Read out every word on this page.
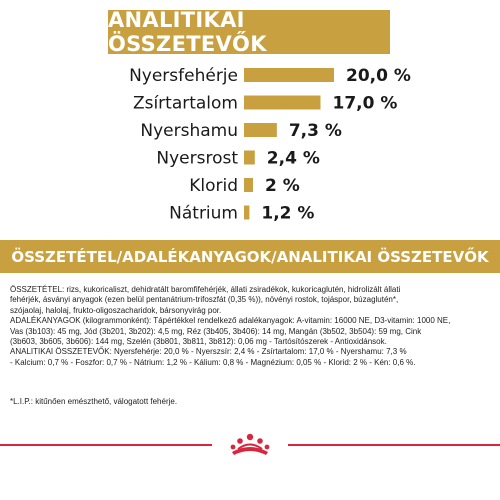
ANALITIKAI ÖSSZETEVŐK
Nyersfehérje	20,0 %
Zsírtartalom	17,0 %
Nyershamu	7,3 %
Nyersrost 2,4 %
Klorid 2 %
Nátrium 1,2 %
ÖSSZETÉTEL/ADALÉKANYAGOK/ANALITIKAI ÖSSZETEVŐK

ÖSSZETÉTEL: rizs, kukoricaliszt, dehidratált baromfifehérjék, állati zsiradékok, kukoricaglutén, hidrolizált állati

fehérjék, ásványi anyagok (ezen belül pentanátrium-trifoszfát (0,35 %)), növényi rostok, tojáspor, búzaglutén*,

szójaolaj, halolaj, frukto-oligoszacharidok, bársonyvirág por.

ADALÉKANYAGOK (kilogrammonként): Tápértékkel rendelkező adalékanyagok: A-vitamin: 16000 NE, D3-vitamin: 1000 NE,

Vas (3b103): 45 mg, Jód (3b201, 3b202): 4,5 mg, Réz (3b405, 3b406): 14 mg, Mangán (3b502, 3b504): 59 mg, Cink

(3b603, 3b605, 3b606): 144 mg, Szelén (3b801, 3b811, 3b812): 0,06 mg - Tartósítószerek - Antioxidánsok.

ANALITIKAI ÖSSZETEVŐK: Nyersfehérje: 20,0 % - Nyerszsír: 2,4 % - Zsírtartalom: 17,0 % - Nyershamu: 7,3 %

- Kalcium: 0,7 % - Foszfor: 0,7 % - Nátrium: 1,2 % - Kálium: 0,8 % - Magnézium: 0,05 % - Klorid: 2 % - Kén: 0,6 %.

*L.I.P.: kitűnően emészthető, válogatott fehérje.
